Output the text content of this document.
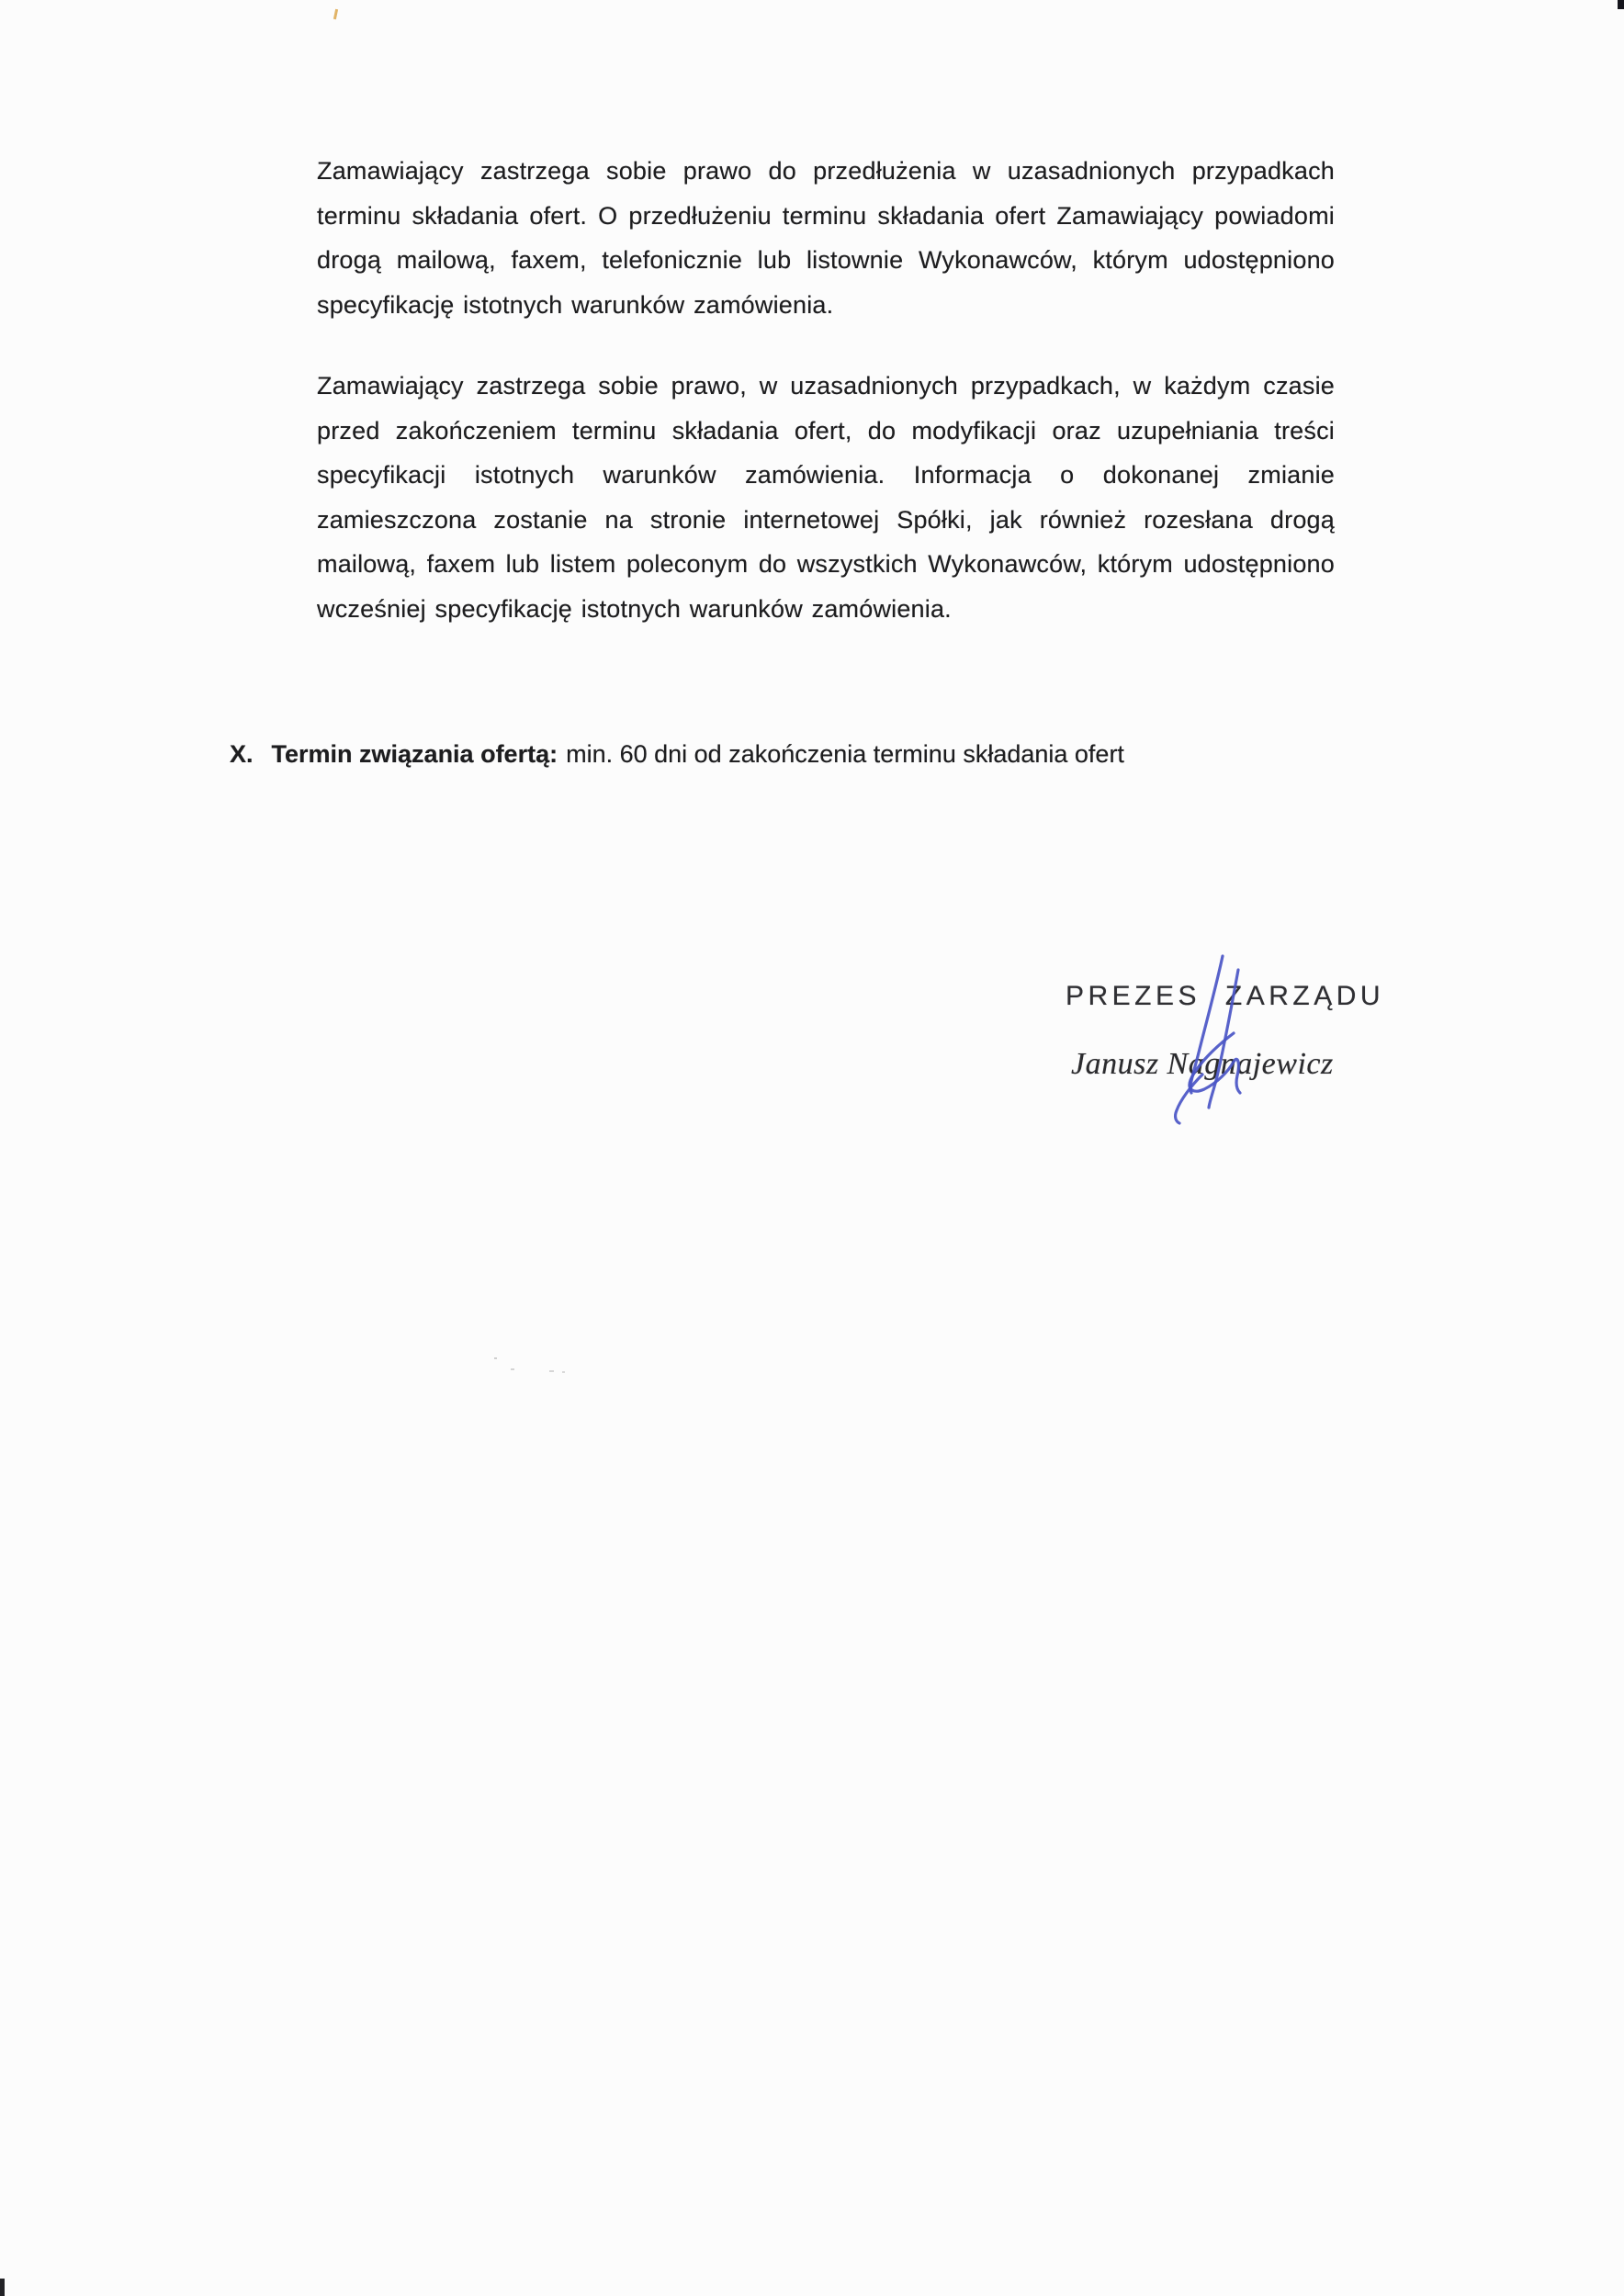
Zamawiający zastrzega sobie prawo do przedłużenia w uzasadnionych przypadkach terminu składania ofert. O przedłużeniu terminu składania ofert Zamawiający powiadomi drogą mailową, faxem, telefonicznie lub listownie Wykonawców, którym udostępniono specyfikację istotnych warunków zamówienia.

Zamawiający zastrzega sobie prawo, w uzasadnionych przypadkach, w każdym czasie przed zakończeniem terminu składania ofert, do modyfikacji oraz uzupełniania treści specyfikacji istotnych warunków zamówienia. Informacja o dokonanej zmianie zamieszczona zostanie na stronie internetowej Spółki, jak również rozesłana drogą mailową, faxem lub listem poleconym do wszystkich Wykonawców, którym udostępniono wcześniej specyfikację istotnych warunków zamówienia.

X. Termin związania ofertą: min. 60 dni od zakończenia terminu składania ofert
PREZES ZARZĄDU
Janusz Nagnajewicz
